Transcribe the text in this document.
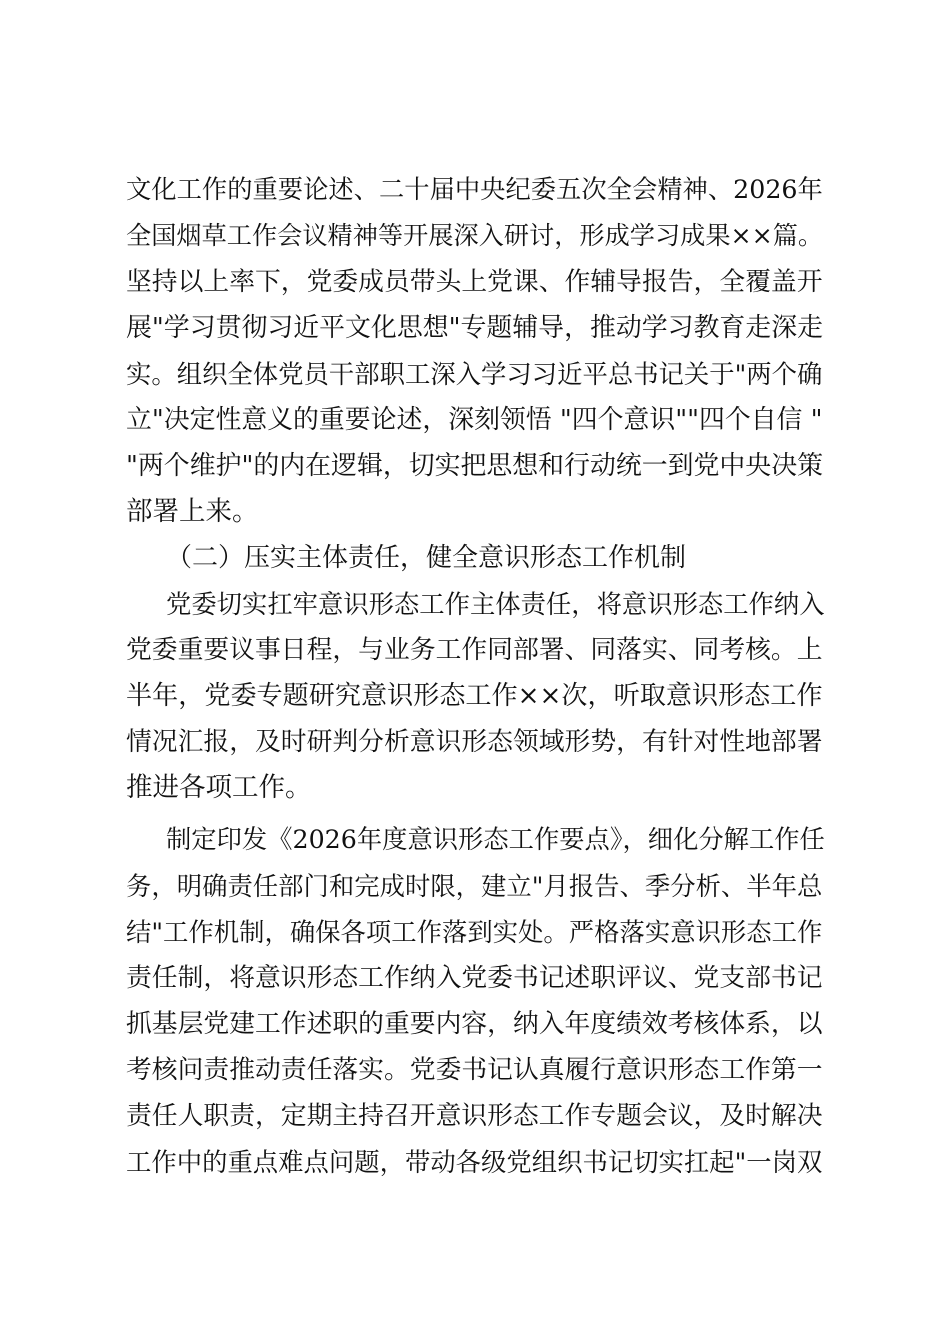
文化工作的重要论述、二十届中央纪委五次全会精神、2026年
全国烟草工作会议精神等开展深入研讨，形成学习成果××篇。
坚持以上率下，党委成员带头上党课、作辅导报告，全覆盖开
展"学习贯彻习近平文化思想"专题辅导，推动学习教育走深走
实。组织全体党员干部职工深入学习习近平总书记关于"两个确
立"决定性意义的重要论述，深刻领悟 "四个意识""四个自信 "
"两个维护"的内在逻辑，切实把思想和行动统一到党中央决策
部署上来。
（二）压实主体责任，健全意识形态工作机制
党委切实扛牢意识形态工作主体责任，将意识形态工作纳入
党委重要议事日程，与业务工作同部署、同落实、同考核。上
半年，党委专题研究意识形态工作××次，听取意识形态工作
情况汇报，及时研判分析意识形态领域形势，有针对性地部署
推进各项工作。
制定印发《2026年度意识形态工作要点》，细化分解工作任
务，明确责任部门和完成时限，建立"月报告、季分析、半年总
结"工作机制，确保各项工作落到实处。严格落实意识形态工作
责任制，将意识形态工作纳入党委书记述职评议、党支部书记
抓基层党建工作述职的重要内容，纳入年度绩效考核体系，以
考核问责推动责任落实。党委书记认真履行意识形态工作第一
责任人职责，定期主持召开意识形态工作专题会议，及时解决
工作中的重点难点问题，带动各级党组织书记切实扛起"一岗双
